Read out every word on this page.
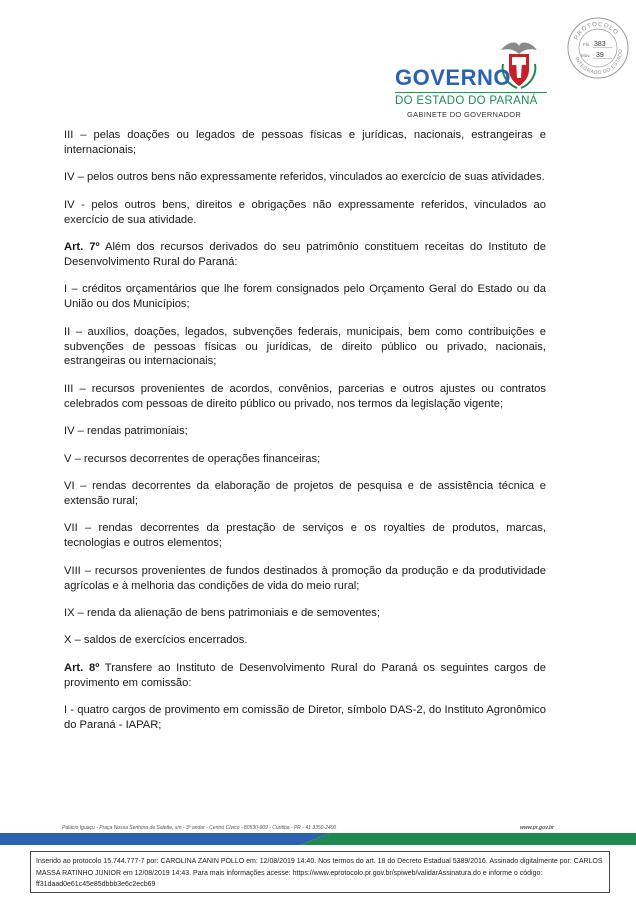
GOVERNO
DO ESTADO DO PARANÁ
GABINETE DO GOVERNADOR
PROTOCOLO
INTEGRADO DO ESTADO
Fls. 383
Mov. 39

III – pelas doações ou legados de pessoas físicas e jurídicas, nacionais, estrangeiras e internacionais;

IV – pelos outros bens não expressamente referidos, vinculados ao exercício de suas atividades.

IV - pelos outros bens, direitos e obrigações não expressamente referidos, vinculados ao exercício de sua atividade.

Art. 7º Além dos recursos derivados do seu patrimônio constituem receitas do Instituto de Desenvolvimento Rural do Paraná:

I – créditos orçamentários que lhe forem consignados pelo Orçamento Geral do Estado ou da União ou dos Municípios;

II – auxílios, doações, legados, subvenções federais, municipais, bem como contribuições e subvenções de pessoas físicas ou jurídicas, de direito público ou privado, nacionais, estrangeiras ou internacionais;

III – recursos provenientes de acordos, convênios, parcerias e outros ajustes ou contratos celebrados com pessoas de direito público ou privado, nos termos da legislação vigente;

IV – rendas patrimoniais;

V – recursos decorrentes de operações financeiras;

VI – rendas decorrentes da elaboração de projetos de pesquisa e de assistência técnica e extensão rural;

VII – rendas decorrentes da prestação de serviços e os royalties de produtos, marcas, tecnologias e outros elementos;

VIII – recursos provenientes de fundos destinados à promoção da produção e da produtividade agrícolas e à melhoria das condições de vida do meio rural;

IX – renda da alienação de bens patrimoniais e de semoventes;

X – saldos de exercícios encerrados.

Art. 8º Transfere ao Instituto de Desenvolvimento Rural do Paraná os seguintes cargos de provimento em comissão:

I - quatro cargos de provimento em comissão de Diretor, símbolo DAS-2, do Instituto Agronômico do Paraná - IAPAR;

Palácio Iguaçu - Praça Nossa Senhora de Salette, s/n - 3º andar - Centro Cívico - 80530-909 - Curitiba - PR - 41 3350-2400	www.pr.gov.br
Inserido ao protocolo 15.744.777-7 por: CAROLINA ZANIN POLLO em: 12/08/2019 14:40. Nos termos do art. 18 do Decreto Estadual 5389/2016. Assinado digitalmente por: CARLOS MASSA RATINHO JUNIOR em 12/08/2019 14:43. Para mais informações acesse: https://www.eprotocolo.pr.gov.br/spiweb/validarAssinatura.do e informe o código: ff31daad0e61c45e85dbbb3e6c2ecb69
